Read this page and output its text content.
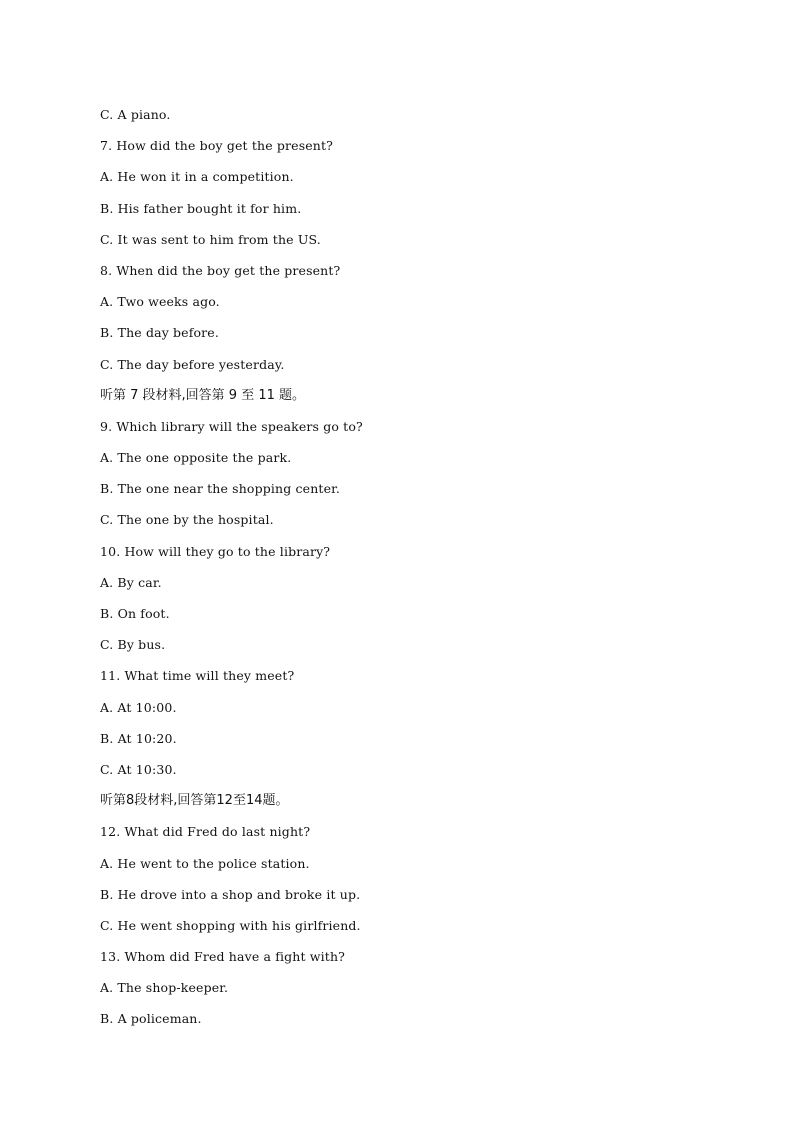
C. A piano.
7. How did the boy get the present?
A. He won it in a competition.
B. His father bought it for him.
C. It was sent to him from the US.
8. When did the boy get the present?
A. Two weeks ago.
B. The day before.
C. The day before yesterday.
听第 7 段材料,回答第 9 至 11 题。
9. Which library will the speakers go to?
A. The one opposite the park.
B. The one near the shopping center.
C. The one by the hospital.
10. How will they go to the library?
A. By car.
B. On foot.
C. By bus.
11. What time will they meet?
A. At 10:00.
B. At 10:20.
C. At 10:30.
听第8段材料,回答第12至14题。
12. What did Fred do last night?
A. He went to the police station.
B. He drove into a shop and broke it up.
C. He went shopping with his girlfriend.
13. Whom did Fred have a fight with?
A. The shop-keeper.
B. A policeman.
